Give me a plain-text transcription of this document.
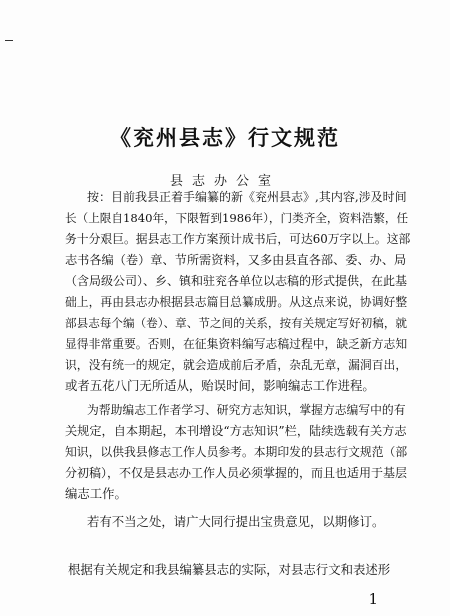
《兖州县志》行文规范
县志办公室
按：目前我县正着手编纂的新《兖州县志》,其内容,涉及时间
长（上限自1840年，下限暂到1986年），门类齐全，资料浩繁，任
务十分艰巨。据县志工作方案预计成书后，可达60万字以上。这部
志书各编（卷）章、节所需资料，又多由县直各部、委、办、局
（含局级公司）、乡、镇和驻兖各单位以志稿的形式提供，在此基
础上，再由县志办根据县志篇目总纂成册。从这点来说，协调好整
部县志每个编（卷）、章、节之间的关系，按有关规定写好初稿，就
显得非常重要。否则，在征集资料编写志稿过程中，缺乏新方志知
识，没有统一的规定，就会造成前后矛盾，杂乱无章，漏洞百出，
或者五花八门无所适从，贻误时间，影响编志工作进程。
为帮助编志工作者学习、研究方志知识，掌握方志编写中的有
关规定，自本期起，本刊增设“方志知识”栏，陆续选载有关方志
知识，以供我县修志工作人员参考。本期印发的县志行文规范（部
分初稿），不仅是县志办工作人员必须掌握的，而且也适用于基层
编志工作。
若有不当之处，请广大同行提出宝贵意见，以期修订。
根据有关规定和我县编纂县志的实际，对县志行文和表述形
1
